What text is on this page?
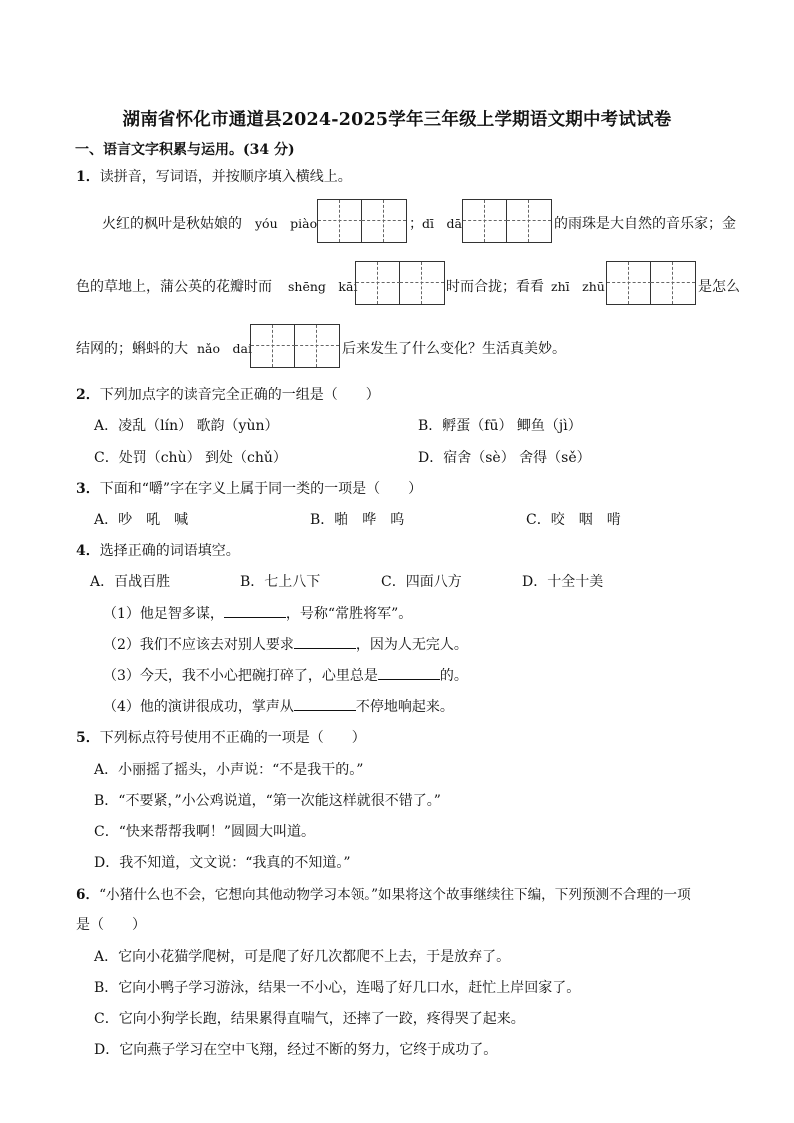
湖南省怀化市通道县2024-2025学年三年级上学期语文期中考试试卷
一、语言文字积累与运用。(34 分)
1．读拼音，写词语，并按顺序填入横线上。
火红的枫叶是秋姑娘的 yóu　piào	； dī　dā	的雨珠是大自然的音乐家；金
色的草地上，蒲公英的花瓣时而 shēng　kāi	时而合拢；看看 zhī　zhū	是怎么
结网的；蝌蚪的大 nǎo　dai	后来发生了什么变化？生活真美妙。
2．下列加点字的读音完全正确的一组是（　　）
A．凌乱（lín） 歌韵（yùn）	B．孵蛋（fū） 鲫鱼（jì）
C．处罚（chù） 到处（chǔ）	D．宿舍（sè） 舍得（sě）
3．下面和“嚼”字在字义上属于同一类的一项是（　　）
A．吵　吼　喊	B．啪　哗　呜	C．咬　咽　啃
4．选择正确的词语填空。
A．百战百胜	B．七上八下	C．四面八方	D．十全十美
（1）他足智多谋，	，号称“常胜将军”。
（2）我们不应该去对别人要求	，因为人无完人。
（3）今天，我不小心把碗打碎了，心里总是	的。
（4）他的演讲很成功，掌声从	不停地响起来。
5．下列标点符号使用不正确的一项是（　　）
A．小丽摇了摇头，小声说：“不是我干的。”
B．“不要紧，”小公鸡说道，“第一次能这样就很不错了。”
C．“快来帮帮我啊！”圆圆大叫道。
D．我不知道，文文说：“我真的不知道。”
6．“小猪什么也不会，它想向其他动物学习本领。”如果将这个故事继续往下编，下列预测不合理的一项
是（　　）
A．它向小花猫学爬树，可是爬了好几次都爬不上去，于是放弃了。
B．它向小鸭子学习游泳，结果一不小心，连喝了好几口水，赶忙上岸回家了。
C．它向小狗学长跑，结果累得直喘气，还摔了一跤，疼得哭了起来。
D．它向燕子学习在空中飞翔，经过不断的努力，它终于成功了。
